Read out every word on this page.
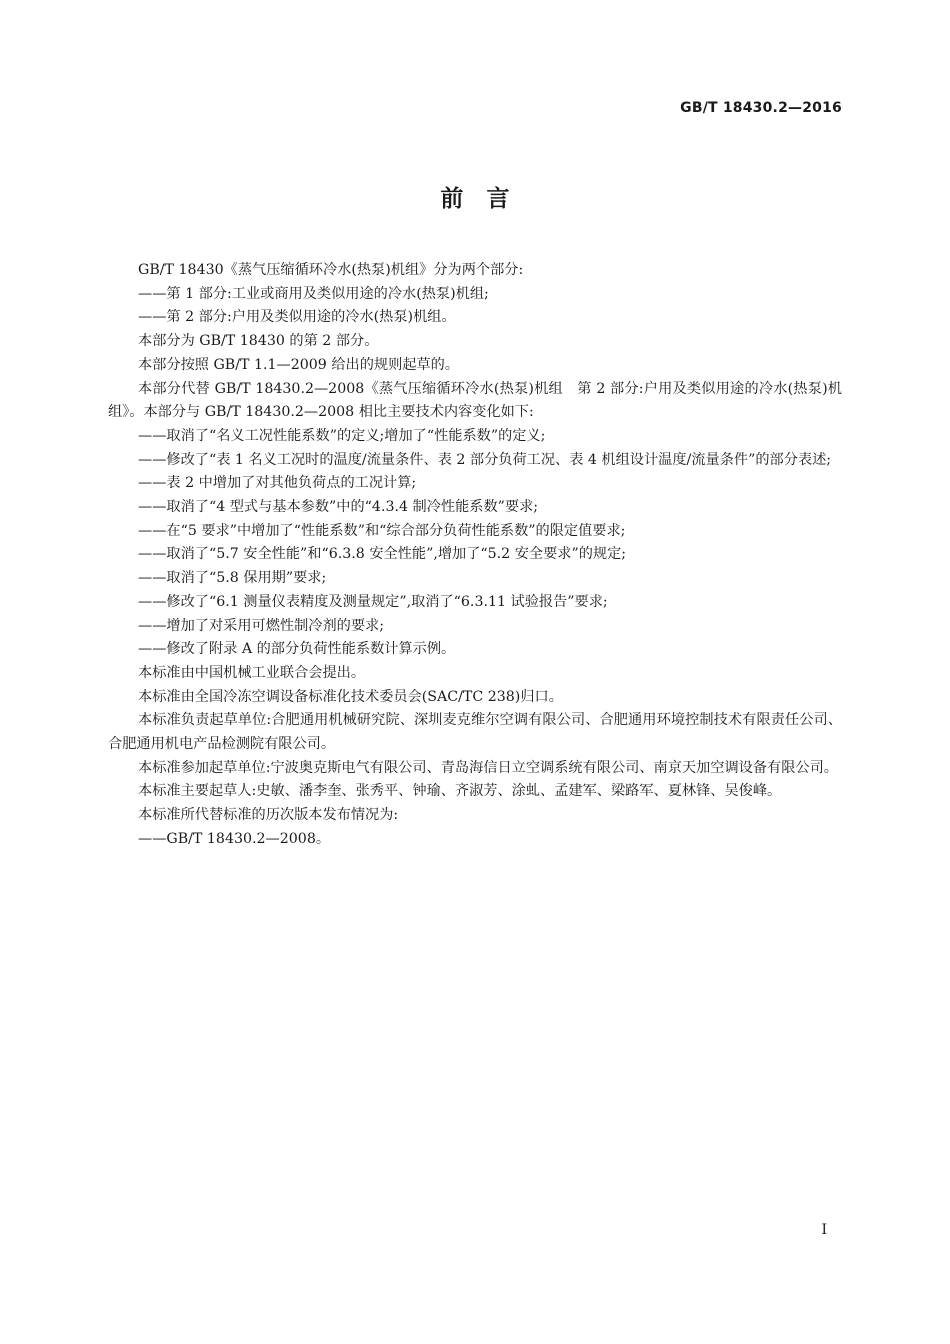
GB/T 18430.2—2016
前　言

GB/T 18430《蒸气压缩循环冷水(热泵)机组》分为两个部分:

——第 1 部分:工业或商用及类似用途的冷水(热泵)机组;

——第 2 部分:户用及类似用途的冷水(热泵)机组。

本部分为 GB/T 18430 的第 2 部分。

本部分按照 GB/T 1.1—2009 给出的规则起草的。

本部分代替 GB/T 18430.2—2008《蒸气压缩循环冷水(热泵)机组　第 2 部分:户用及类似用途的冷水(热泵)机组》。本部分与 GB/T 18430.2—2008 相比主要技术内容变化如下:

——取消了“名义工况性能系数”的定义;增加了“性能系数”的定义;

——修改了“表 1 名义工况时的温度/流量条件、表 2 部分负荷工况、表 4 机组设计温度/流量条件”的部分表述;

——表 2 中增加了对其他负荷点的工况计算;

——取消了“4 型式与基本参数”中的“4.3.4 制冷性能系数”要求;

——在“5 要求”中增加了“性能系数”和“综合部分负荷性能系数”的限定值要求;

——取消了“5.7 安全性能”和“6.3.8 安全性能”,增加了“5.2 安全要求”的规定;

——取消了“5.8 保用期”要求;

——修改了“6.1 测量仪表精度及测量规定”,取消了“6.3.11 试验报告”要求;

——增加了对采用可燃性制冷剂的要求;

——修改了附录 A 的部分负荷性能系数计算示例。

本标准由中国机械工业联合会提出。

本标准由全国冷冻空调设备标准化技术委员会(SAC/TC 238)归口。

本标准负责起草单位:合肥通用机械研究院、深圳麦克维尔空调有限公司、合肥通用环境控制技术有限责任公司、合肥通用机电产品检测院有限公司。

本标准参加起草单位:宁波奥克斯电气有限公司、青岛海信日立空调系统有限公司、南京天加空调设备有限公司。

本标准主要起草人:史敏、潘李奎、张秀平、钟瑜、齐淑芳、涂虬、孟建军、梁路军、夏林锋、吴俊峰。

本标准所代替标准的历次版本发布情况为:

——GB/T 18430.2—2008。

I
